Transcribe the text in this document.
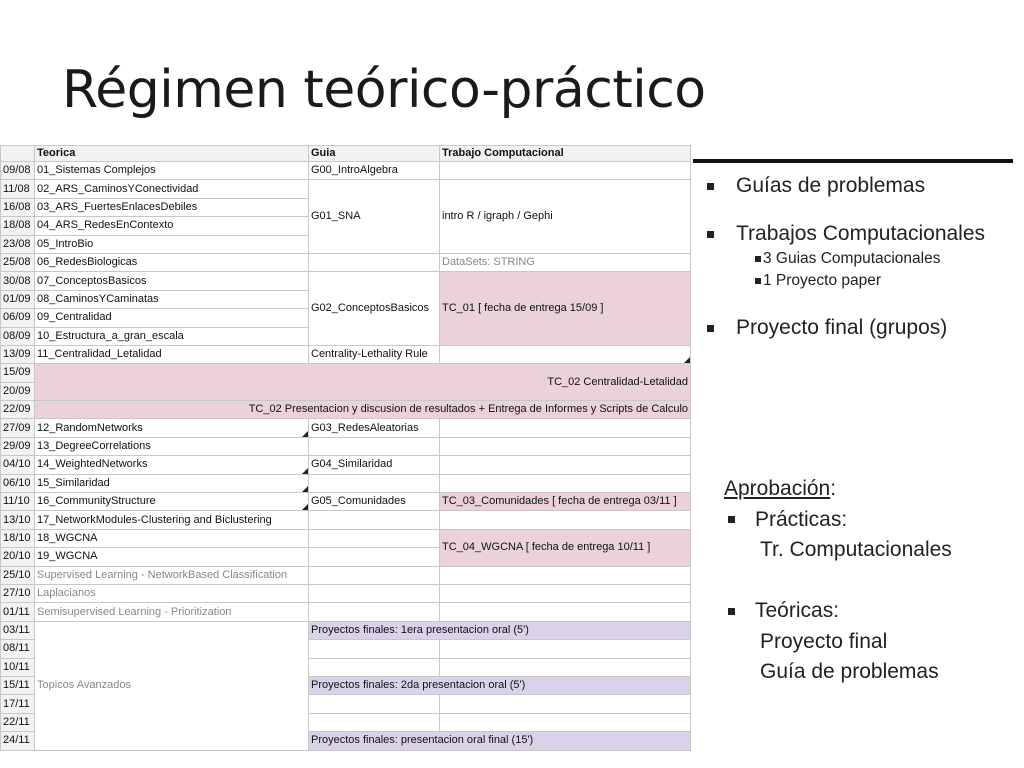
Régimen teórico-práctico
	Teorica	Guia	Trabajo Computacional
09/08	01_Sistemas Complejos	G00_IntroAlgebra	
11/08	02_ARS_CaminosYConectividad	G01_SNA	intro R / igraph / Gephi
16/08	03_ARS_FuertesEnlacesDebiles		
18/08	04_ARS_RedesEnContexto		
23/08	05_IntroBio		
25/08	06_RedesBiologicas		DataSets: STRING
30/08	07_ConceptosBasicos	G02_ConceptosBasicos	TC_01 [ fecha de entrega 15/09 ]
01/09	08_CaminosYCaminatas		
06/09	09_Centralidad		
08/09	10_Estructura_a_gran_escala		
13/09	11_Centralidad_Letalidad	Centrality-Lethality Rule	
15/09	TC_02 Centralidad-Letalidad		
20/09			
22/09	TC_02 Presentacion y discusion de resultados + Entrega de Informes y Scripts de Calculo		
27/09	12_RandomNetworks	G03_RedesAleatorias	
29/09	13_DegreeCorrelations		
04/10	14_WeightedNetworks	G04_Similaridad	
06/10	15_Similaridad		
11/10	16_CommunityStructure	G05_Comunidades	TC_03_Comunidades [ fecha de entrega 03/11 ]
13/10	17_NetworkModules-Clustering and Biclustering		
18/10	18_WGCNA		TC_04_WGCNA [ fecha de entrega 10/11 ]
20/10	19_WGCNA		
25/10	Supervised Learning - NetworkBased Classification		
27/10	Laplacianos		
01/11	Semisupervised Learning - Prioritization		
03/11	Topicos Avanzados	Proyectos finales: 1era presentacion oral (5')	
08/11			
10/11			
15/11		Proyectos finales: 2da presentacion oral (5')	
17/11			
22/11			
24/11		Proyectos finales: presentacion oral final (15')	
Guías de problemas
Trabajos Computacionales
3 Guias Computacionales
1 Proyecto paper
Proyecto final (grupos)
Aprobación:
Prácticas:
Tr. Computacionales
Teóricas:
Proyecto final
Guía de problemas
